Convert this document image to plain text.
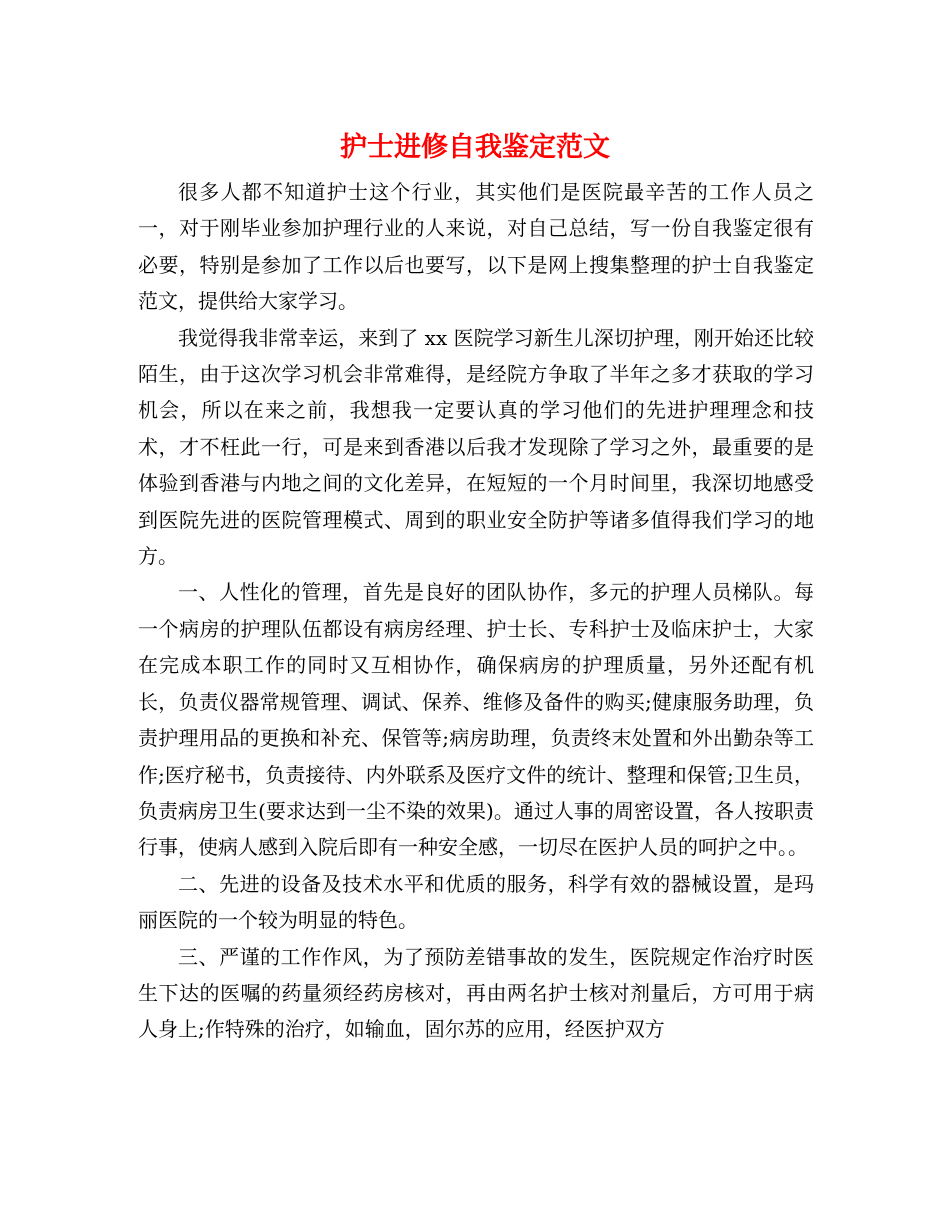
护士进修自我鉴定范文

很多人都不知道护士这个行业，其实他们是医院最辛苦的工作人员之一，对于刚毕业参加护理行业的人来说，对自己总结，写一份自我鉴定很有必要，特别是参加了工作以后也要写，以下是网上搜集整理的护士自我鉴定范文，提供给大家学习。

我觉得我非常幸运，来到了 xx 医院学习新生儿深切护理，刚开始还比较陌生，由于这次学习机会非常难得，是经院方争取了半年之多才获取的学习机会，所以在来之前，我想我一定要认真的学习他们的先进护理理念和技术，才不枉此一行，可是来到香港以后我才发现除了学习之外，最重要的是体验到香港与内地之间的文化差异，在短短的一个月时间里，我深切地感受到医院先进的医院管理模式、周到的职业安全防护等诸多值得我们学习的地方。

一、人性化的管理，首先是良好的团队协作，多元的护理人员梯队。每一个病房的护理队伍都设有病房经理、护士长、专科护士及临床护士，大家在完成本职工作的同时又互相协作，确保病房的护理质量，另外还配有机长，负责仪器常规管理、调试、保养、维修及备件的购买;健康服务助理，负责护理用品的更换和补充、保管等;病房助理，负责终末处置和外出勤杂等工作;医疗秘书，负责接待、内外联系及医疗文件的统计、整理和保管;卫生员，负责病房卫生(要求达到一尘不染的效果)。通过人事的周密设置，各人按职责行事，使病人感到入院后即有一种安全感，一切尽在医护人员的呵护之中。。

二、先进的设备及技术水平和优质的服务，科学有效的器械设置，是玛丽医院的一个较为明显的特色。

三、严谨的工作作风，为了预防差错事故的发生，医院规定作治疗时医生下达的医嘱的药量须经药房核对，再由两名护士核对剂量后，方可用于病人身上;作特殊的治疗，如输血，固尔苏的应用，经医护双方
